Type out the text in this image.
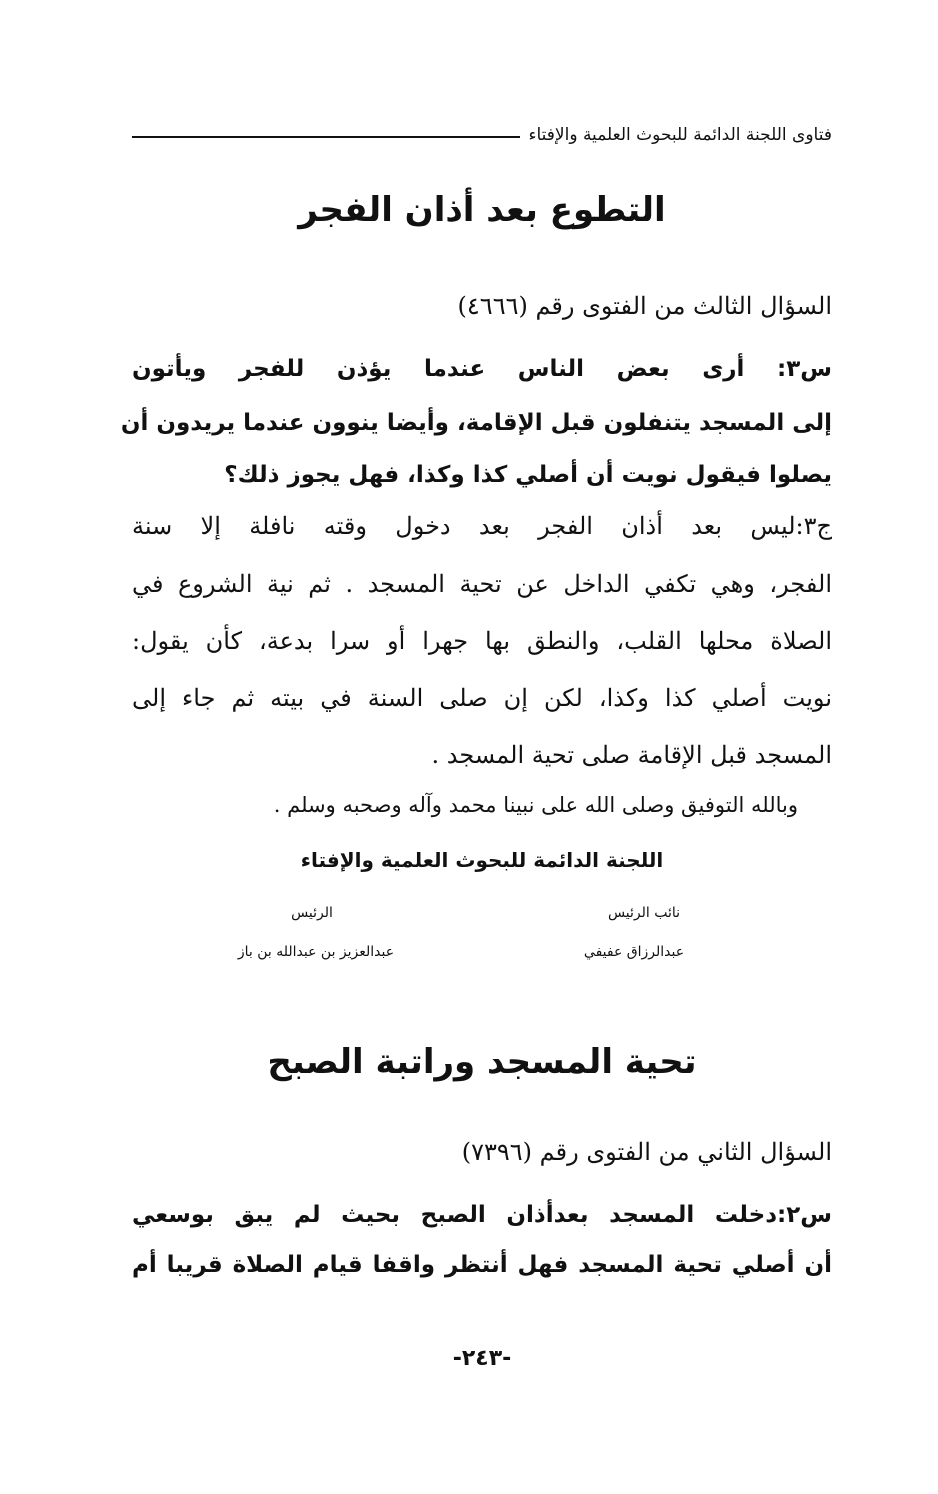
فتاوى اللجنة الدائمة للبحوث العلمية والإفتاء
التطوع بعد أذان الفجر
السؤال الثالث من الفتوى رقم (٤٦٦٦)
س٣: أرى بعض الناس عندما يؤذن للفجر ويأتون
إلى المسجد يتنفلون قبل الإقامة، وأيضا ينوون عندما يريدون أن
يصلوا فيقول نويت أن أصلي كذا وكذا، فهل يجوز ذلك؟
ج٣:ليس بعد أذان الفجر بعد دخول وقته نافلة إلا سنة
الفجر، وهي تكفي الداخل عن تحية المسجد . ثم نية الشروع في
الصلاة محلها القلب، والنطق بها جهرا أو سرا بدعة، كأن يقول:
نويت أصلي كذا وكذا، لكن إن صلى السنة في بيته ثم جاء إلى
المسجد قبل الإقامة صلى تحية المسجد .
وبالله التوفيق وصلى الله على نبينا محمد وآله وصحبه وسلم .
اللجنة الدائمة للبحوث العلمية والإفتاء
نائب الرئيس
الرئيس
عبدالرزاق عفيفي
عبدالعزيز بن عبدالله بن باز
تحية المسجد وراتبة الصبح
السؤال الثاني من الفتوى رقم (٧٣٩٦)
س٢:دخلت المسجد بعدأذان الصبح بحيث لم يبق بوسعي
أن أصلي تحية المسجد فهل أنتظر واقفا قيام الصلاة قريبا أم
-٢٤٣-
